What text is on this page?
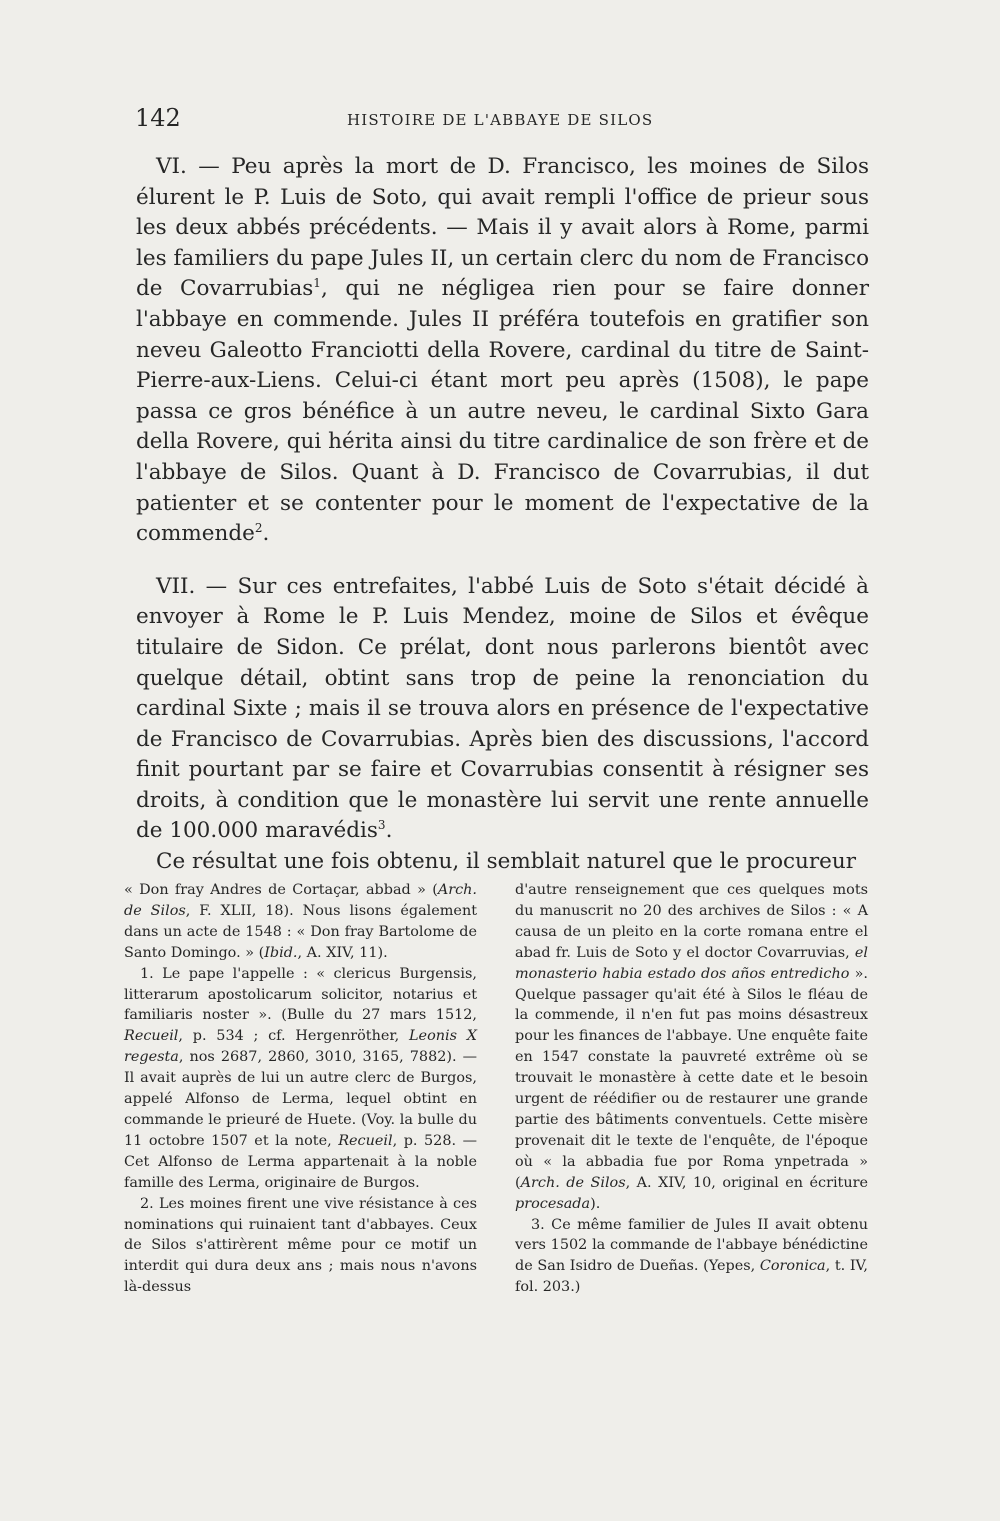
142	HISTOIRE DE L'ABBAYE DE SILOS

VI. — Peu après la mort de D. Francisco, les moines de Silos élurent le P. Luis de Soto, qui avait rempli l'office de prieur sous les deux abbés précédents. — Mais il y avait alors à Rome, parmi les familiers du pape Jules II, un certain clerc du nom de Francisco de Covarrubias$^1$, qui ne négligea rien pour se faire donner l'abbaye en commende. Jules II préféra toutefois en gratifier son neveu Galeotto Franciotti della Rovere, cardinal du titre de Saint-Pierre-aux-Liens. Celui-ci étant mort peu après (1508), le pape passa ce gros bénéfice à un autre neveu, le cardinal Sixto Gara della Rovere, qui hérita ainsi du titre cardinalice de son frère et de l'abbaye de Silos. Quant à D. Francisco de Covarrubias, il dut patienter et se contenter pour le moment de l'expectative de la commende$^2$.

VII. — Sur ces entrefaites, l'abbé Luis de Soto s'était décidé à envoyer à Rome le P. Luis Mendez, moine de Silos et évêque titulaire de Sidon. Ce prélat, dont nous parlerons bientôt avec quelque détail, obtint sans trop de peine la renonciation du cardinal Sixte ; mais il se trouva alors en présence de l'expectative de Francisco de Covarrubias. Après bien des discussions, l'accord finit pourtant par se faire et Covarrubias consentit à résigner ses droits, à condition que le monastère lui servit une rente annuelle de 100.000 maravédis$^3$.

Ce résultat une fois obtenu, il semblait naturel que le procureur

« Don fray Andres de Cortaçar, abbad » (Arch. de Silos, F. XLII, 18). Nous lisons également dans un acte de 1548 : « Don fray Bartolome de Santo Domingo. » (Ibid., A. XIV, 11).

1. Le pape l'appelle : « clericus Burgensis, litterarum apostolicarum solicitor, notarius et familiaris noster ». (Bulle du 27 mars 1512, Recueil, p. 534 ; cf. Hergenröther, Leonis X regesta, nos 2687, 2860, 3010, 3165, 7882). — Il avait auprès de lui un autre clerc de Burgos, appelé Alfonso de Lerma, lequel obtint en commande le prieuré de Huete. (Voy. la bulle du 11 octobre 1507 et la note, Recueil, p. 528. — Cet Alfonso de Lerma appartenait à la noble famille des Lerma, originaire de Burgos.

2. Les moines firent une vive résistance à ces nominations qui ruinaient tant d'abbayes. Ceux de Silos s'attirèrent même pour ce motif un interdit qui dura deux ans ; mais nous n'avons là-dessus

d'autre renseignement que ces quelques mots du manuscrit no 20 des archives de Silos : « A causa de un pleito en la corte romana entre el abad fr. Luis de Soto y el doctor Covarruvias, el monasterio habia estado dos años entredicho ». Quelque passager qu'ait été à Silos le fléau de la commende, il n'en fut pas moins désastreux pour les finances de l'abbaye. Une enquête faite en 1547 constate la pauvreté extrême où se trouvait le monastère à cette date et le besoin urgent de réédifier ou de restaurer une grande partie des bâtiments conventuels. Cette misère provenait dit le texte de l'enquête, de l'époque où « la abbadia fue por Roma ynpetrada » (Arch. de Silos, A. XIV, 10, original en écriture procesada).

3. Ce même familier de Jules II avait obtenu vers 1502 la commande de l'abbaye bénédictine de San Isidro de Dueñas. (Yepes, Coronica, t. IV, fol. 203.)
